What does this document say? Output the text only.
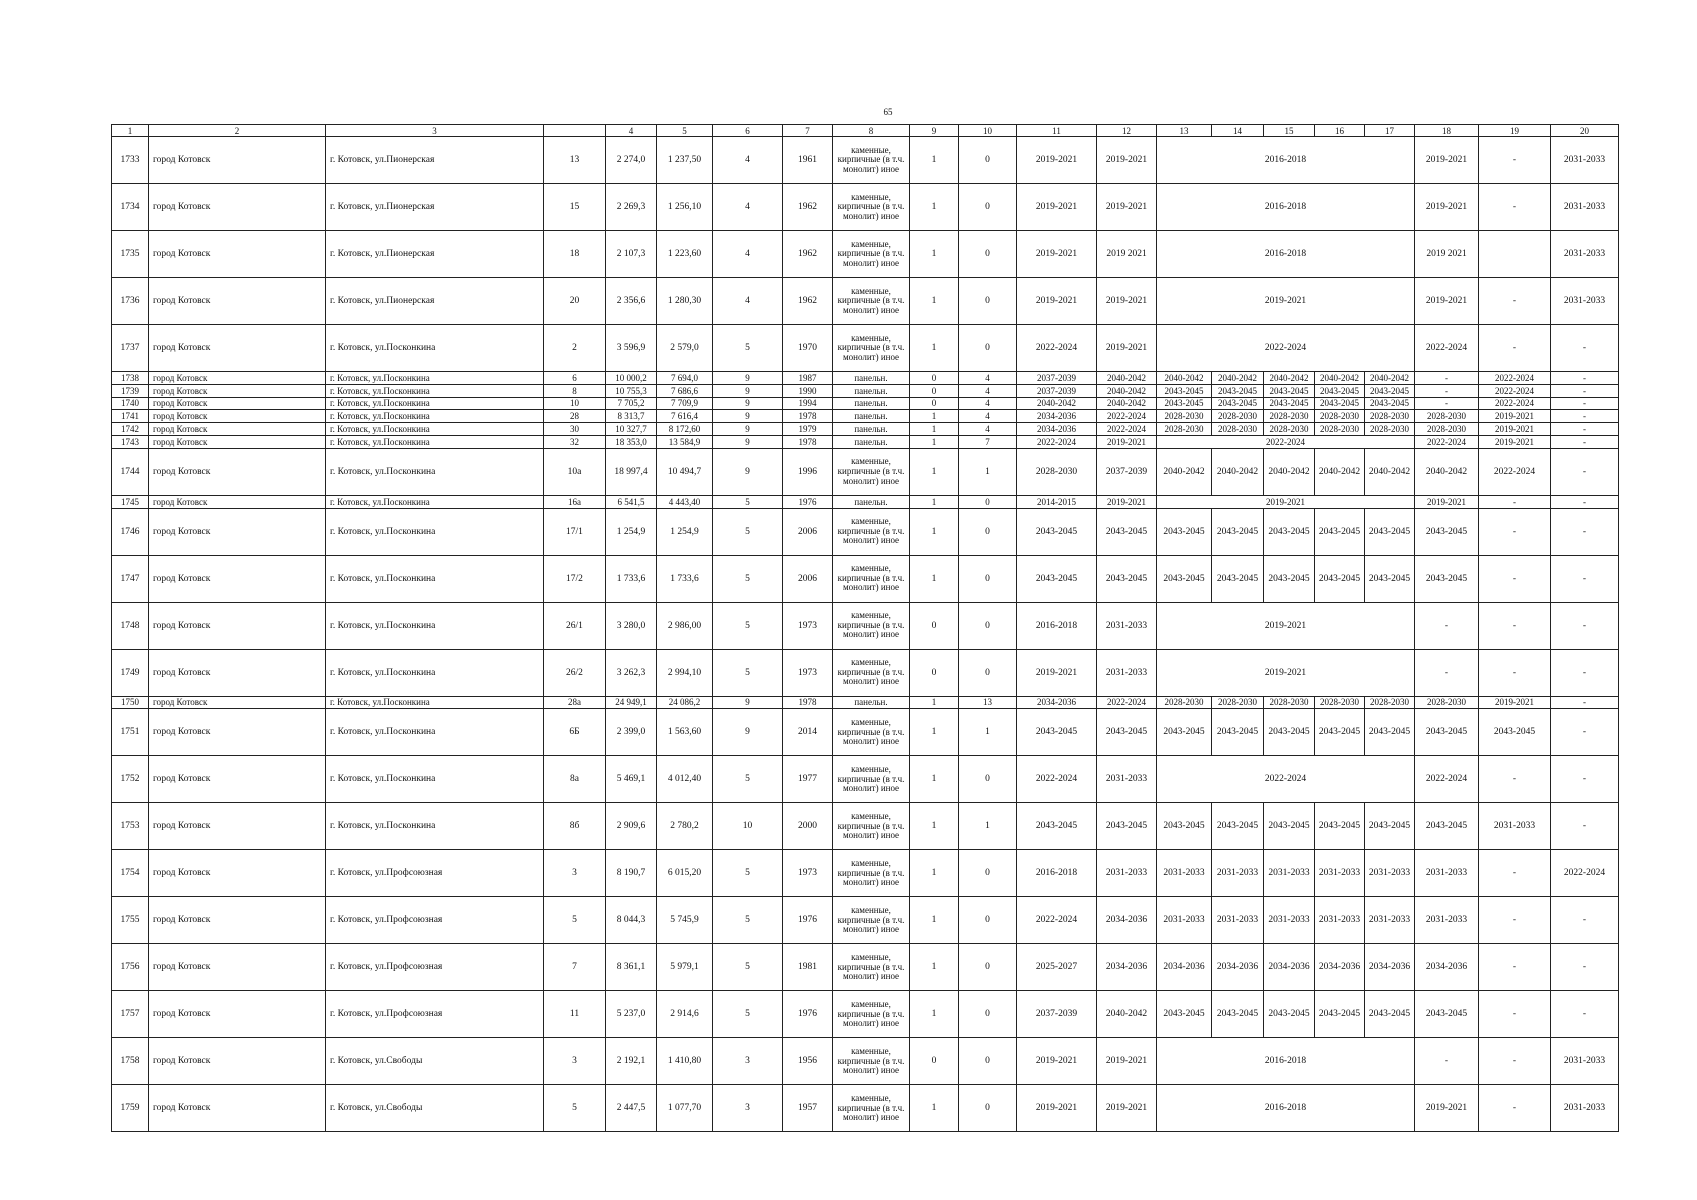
65
1	2	3		4	5	6	7	8	9	10	11	12	13	14	15	16	17	18	19	20
1733	город Котовск	г. Котовск, ул.Пионерская	13	2 274,0	1 237,50	4	1961	каменные, кирпичные (в т.ч. монолит) иное	1	0	2019-2021	2019-2021	2016-2018					2019-2021	-	2031-2033
1734	город Котовск	г. Котовск, ул.Пионерская	15	2 269,3	1 256,10	4	1962	каменные, кирпичные (в т.ч. монолит) иное	1	0	2019-2021	2019-2021	2016-2018					2019-2021	-	2031-2033
1735	город Котовск	г. Котовск, ул.Пионерская	18	2 107,3	1 223,60	4	1962	каменные, кирпичные (в т.ч. монолит) иное	1	0	2019-2021	2019 2021	2016-2018					2019 2021		2031-2033
1736	город Котовск	г. Котовск, ул.Пионерская	20	2 356,6	1 280,30	4	1962	каменные, кирпичные (в т.ч. монолит) иное	1	0	2019-2021	2019-2021	2019-2021					2019-2021	-	2031-2033
1737	город Котовск	г. Котовск, ул.Посконкина	2	3 596,9	2 579,0	5	1970	каменные, кирпичные (в т.ч. монолит) иное	1	0	2022-2024	2019-2021	2022-2024					2022-2024	-	-
1738	город Котовск	г. Котовск, ул.Посконкина	6	10 000,2	7 694,0	9	1987	панельн.	0	4	2037-2039	2040-2042	2040-2042	2040-2042	2040-2042	2040-2042	2040-2042	-	2022-2024	-
1739	город Котовск	г. Котовск, ул.Посконкина	8	10 755,3	7 686,6	9	1990	панельн.	0	4	2037-2039	2040-2042	2043-2045	2043-2045	2043-2045	2043-2045	2043-2045	-	2022-2024	-
1740	город Котовск	г. Котовск, ул.Посконкина	10	7 705,2	7 709,9	9	1994	панельн.	0	4	2040-2042	2040-2042	2043-2045	2043-2045	2043-2045	2043-2045	2043-2045	-	2022-2024	-
1741	город Котовск	г. Котовск, ул.Посконкина	28	8 313,7	7 616,4	9	1978	панельн.	1	4	2034-2036	2022-2024	2028-2030	2028-2030	2028-2030	2028-2030	2028-2030	2028-2030	2019-2021	-
1742	город Котовск	г. Котовск, ул.Посконкина	30	10 327,7	8 172,60	9	1979	панельн.	1	4	2034-2036	2022-2024	2028-2030	2028-2030	2028-2030	2028-2030	2028-2030	2028-2030	2019-2021	-
1743	город Котовск	г. Котовск, ул.Посконкина	32	18 353,0	13 584,9	9	1978	панельн.	1	7	2022-2024	2019-2021	2022-2024					2022-2024	2019-2021	-
1744	город Котовск	г. Котовск, ул.Посконкина	10а	18 997,4	10 494,7	9	1996	каменные, кирпичные (в т.ч. монолит) иное	1	1	2028-2030	2037-2039	2040-2042	2040-2042	2040-2042	2040-2042	2040-2042	2040-2042	2022-2024	-
1745	город Котовск	г. Котовск, ул.Посконкина	16а	6 541,5	4 443,40	5	1976	панельн.	1	0	2014-2015	2019-2021	2019-2021					2019-2021	-	-
1746	город Котовск	г. Котовск, ул.Посконкина	17/1	1 254,9	1 254,9	5	2006	каменные, кирпичные (в т.ч. монолит) иное	1	0	2043-2045	2043-2045	2043-2045	2043-2045	2043-2045	2043-2045	2043-2045	2043-2045	-	-
1747	город Котовск	г. Котовск, ул.Посконкина	17/2	1 733,6	1 733,6	5	2006	каменные, кирпичные (в т.ч. монолит) иное	1	0	2043-2045	2043-2045	2043-2045	2043-2045	2043-2045	2043-2045	2043-2045	2043-2045	-	-
1748	город Котовск	г. Котовск, ул.Посконкина	26/1	3 280,0	2 986,00	5	1973	каменные, кирпичные (в т.ч. монолит) иное	0	0	2016-2018	2031-2033	2019-2021					-	-	-
1749	город Котовск	г. Котовск, ул.Посконкина	26/2	3 262,3	2 994,10	5	1973	каменные, кирпичные (в т.ч. монолит) иное	0	0	2019-2021	2031-2033	2019-2021					-	-	-
1750	город Котовск	г. Котовск, ул.Посконкина	28а	24 949,1	24 086,2	9	1978	панельн.	1	13	2034-2036	2022-2024	2028-2030	2028-2030	2028-2030	2028-2030	2028-2030	2028-2030	2019-2021	-
1751	город Котовск	г. Котовск, ул.Посконкина	6Б	2 399,0	1 563,60	9	2014	каменные, кирпичные (в т.ч. монолит) иное	1	1	2043-2045	2043-2045	2043-2045	2043-2045	2043-2045	2043-2045	2043-2045	2043-2045	2043-2045	-
1752	город Котовск	г. Котовск, ул.Посконкина	8а	5 469,1	4 012,40	5	1977	каменные, кирпичные (в т.ч. монолит) иное	1	0	2022-2024	2031-2033	2022-2024					2022-2024	-	-
1753	город Котовск	г. Котовск, ул.Посконкина	8б	2 909,6	2 780,2	10	2000	каменные, кирпичные (в т.ч. монолит) иное	1	1	2043-2045	2043-2045	2043-2045	2043-2045	2043-2045	2043-2045	2043-2045	2043-2045	2031-2033	-
1754	город Котовск	г. Котовск, ул.Профсоюзная	3	8 190,7	6 015,20	5	1973	каменные, кирпичные (в т.ч. монолит) иное	1	0	2016-2018	2031-2033	2031-2033	2031-2033	2031-2033	2031-2033	2031-2033	2031-2033	-	2022-2024
1755	город Котовск	г. Котовск, ул.Профсоюзная	5	8 044,3	5 745,9	5	1976	каменные, кирпичные (в т.ч. монолит) иное	1	0	2022-2024	2034-2036	2031-2033	2031-2033	2031-2033	2031-2033	2031-2033	2031-2033	-	-
1756	город Котовск	г. Котовск, ул.Профсоюзная	7	8 361,1	5 979,1	5	1981	каменные, кирпичные (в т.ч. монолит) иное	1	0	2025-2027	2034-2036	2034-2036	2034-2036	2034-2036	2034-2036	2034-2036	2034-2036	-	-
1757	город Котовск	г. Котовск, ул.Профсоюзная	11	5 237,0	2 914,6	5	1976	каменные, кирпичные (в т.ч. монолит) иное	1	0	2037-2039	2040-2042	2043-2045	2043-2045	2043-2045	2043-2045	2043-2045	2043-2045	-	-
1758	город Котовск	г. Котовск, ул.Свободы	3	2 192,1	1 410,80	3	1956	каменные, кирпичные (в т.ч. монолит) иное	0	0	2019-2021	2019-2021	2016-2018					-	-	2031-2033
1759	город Котовск	г. Котовск, ул.Свободы	5	2 447,5	1 077,70	3	1957	каменные, кирпичные (в т.ч. монолит) иное	1	0	2019-2021	2019-2021	2016-2018					2019-2021	-	2031-2033
